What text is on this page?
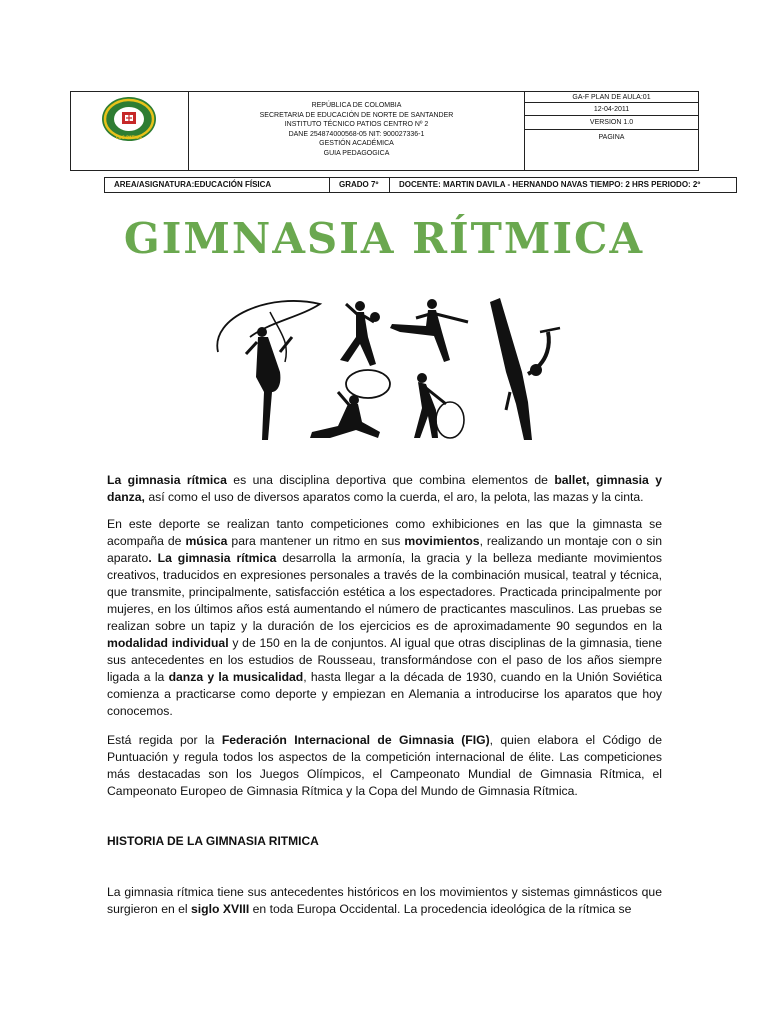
REPÚBLICA DE COLOMBIA
SECRETARIA DE EDUCACIÓN DE NORTE DE SANTANDER
INSTITUTO TÉCNICO PATIOS CENTRO Nº 2
DANE 254874000568-05 NIT: 900027336-1
GESTIÓN ACADÉMICA
GUIA PEDAGOGICA
GA-F PLAN DE AULA:01
12-04-2011
VERSION 1.0
PAGINA
LOS PATIOS
AREA/ASIGNATURA:EDUCACIÓN FÍSICA	GRADO 7º	DOCENTE: MARTIN DAVILA - HERNANDO NAVAS TIEMPO: 2 HRS PERIODO: 2º
GIMNASIA RÍTMICA
La gimnasia rítmica es una disciplina deportiva que combina elementos de ballet, gimnasia y danza, así como el uso de diversos aparatos como la cuerda, el aro, la pelota, las mazas y la cinta.
En este deporte se realizan tanto competiciones como exhibiciones en las que la gimnasta se acompaña de música para mantener un ritmo en sus movimientos, realizando un montaje con o sin aparato. La gimnasia rítmica desarrolla la armonía, la gracia y la belleza mediante movimientos creativos, traducidos en expresiones personales a través de la combinación musical, teatral y técnica, que transmite, principalmente, satisfacción estética a los espectadores. Practicada principalmente por mujeres, en los últimos años está aumentando el número de practicantes masculinos. Las pruebas se realizan sobre un tapiz y la duración de los ejercicios es de aproximadamente 90 segundos en la modalidad individual y de 150 en la de conjuntos. Al igual que otras disciplinas de la gimnasia, tiene sus antecedentes en los estudios de Rousseau, transformándose con el paso de los años siempre ligada a la danza y la musicalidad, hasta llegar a la década de 1930, cuando en la Unión Soviética comienza a practicarse como deporte y empiezan en Alemania a introducirse los aparatos que hoy conocemos.
Está regida por la Federación Internacional de Gimnasia (FIG), quien elabora el Código de Puntuación y regula todos los aspectos de la competición internacional de élite. Las competiciones más destacadas son los Juegos Olímpicos, el Campeonato Mundial de Gimnasia Rítmica, el Campeonato Europeo de Gimnasia Rítmica y la Copa del Mundo de Gimnasia Rítmica.
HISTORIA DE LA GIMNASIA RITMICA
La gimnasia rítmica tiene sus antecedentes históricos en los movimientos y sistemas gimnásticos que surgieron en el siglo XVIII en toda Europa Occidental. La procedencia ideológica de la rítmica se
